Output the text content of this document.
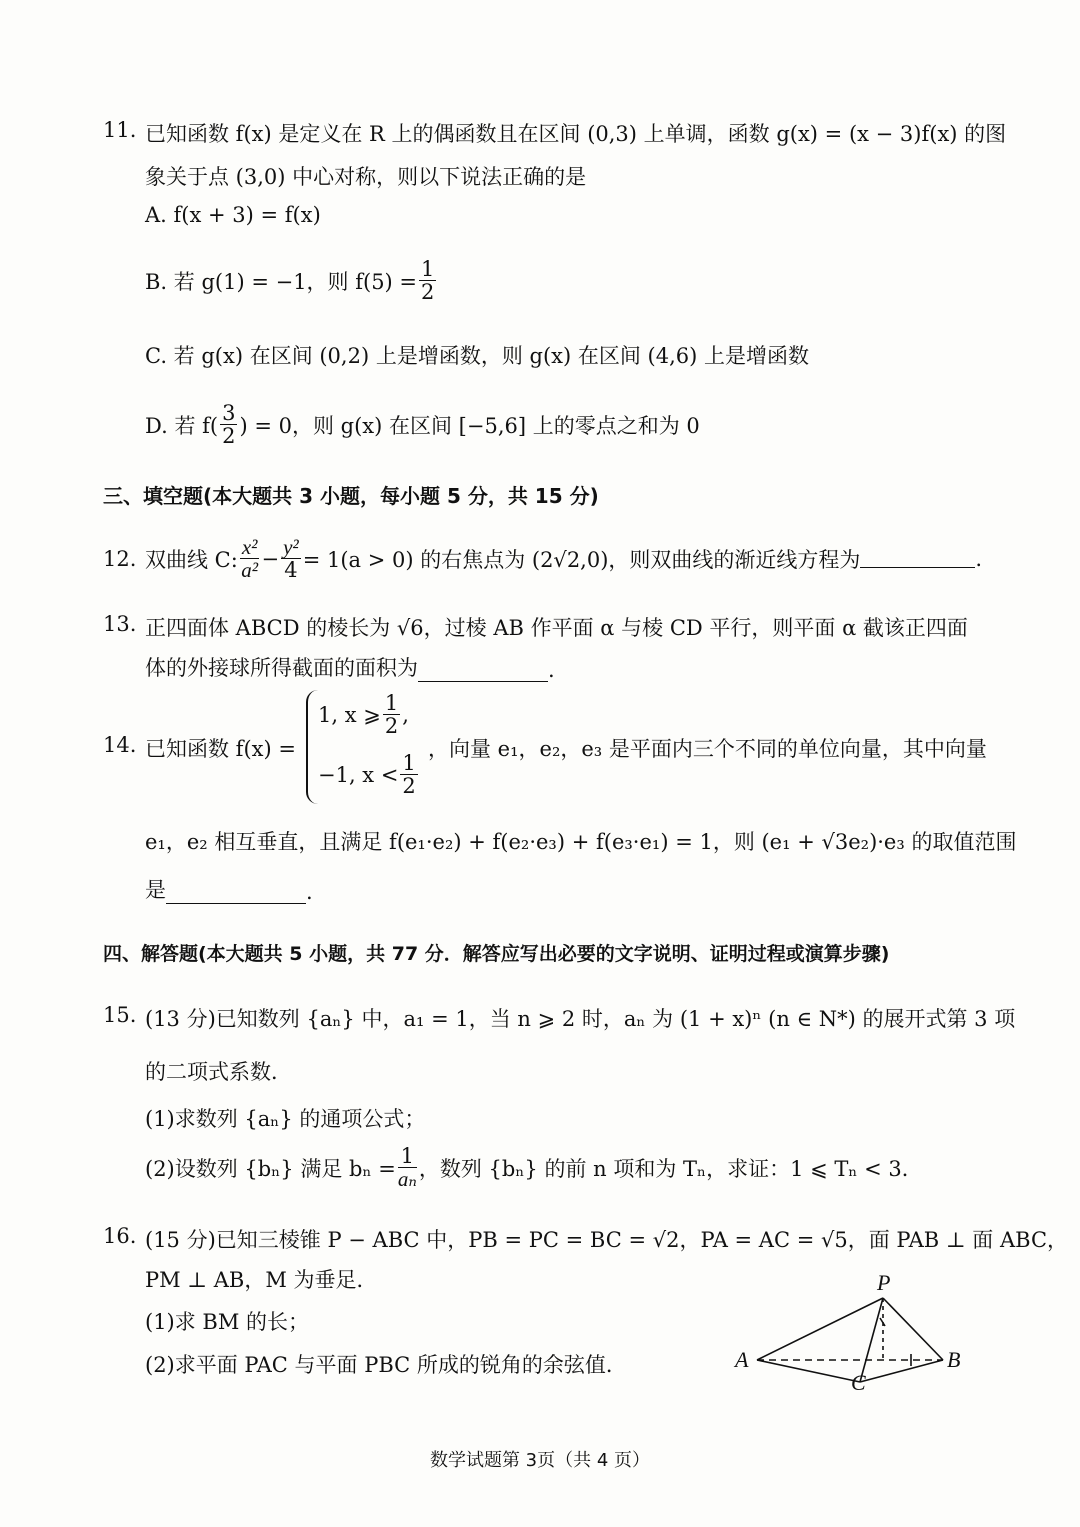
11. 已知函数 f(x) 是定义在 R 上的偶函数且在区间 (0,3) 上单调，函数 g(x) = (x − 3)f(x) 的图
象关于点 (3,0) 中心对称，则以下说法正确的是
A. f(x + 3) = f(x)
B. 若 g(1) = −1，则 $f(5) = \frac{1}{2}$
C. 若 g(x) 在区间 (0,2) 上是增函数，则 g(x) 在区间 (4,6) 上是增函数
D. 若 $f( \frac{3}{2}$ ) = 0，则 g(x) 在区间 [−5,6] 上的零点之和为 0
三、填空题(本大题共 3 小题，每小题 5 分，共 15 分)
12. 双曲线 C: $\frac{\text{x²}}{\text{a²}} - \frac{\text{y²}}{4} = 1(a > 0)$ 的右焦点为 (2√2,0)，则双曲线的渐近线方程为	.
13. 正四面体 ABCD 的棱长为 √6，过棱 AB 作平面 α 与棱 CD 平行，则平面 α 截该正四面
体的外接球所得截面的面积为	.
14. 已知函数 f(x) =
1, x ⩾ $\frac{1}{2}$ ,
−1, $x < \frac{1}{2}$
，向量 e₁，e₂，e₃ 是平面内三个不同的单位向量，其中向量
e₁，e₂ 相互垂直，且满足 f(e₁·e₂) + f(e₂·e₃) + f(e₃·e₁) = 1，则 (e₁ + √3e₂)·e₃ 的取值范围
是	.
四、解答题(本大题共 5 小题，共 77 分．解答应写出必要的文字说明、证明过程或演算步骤)
15. (13 分)已知数列 {aₙ} 中，a₁ = 1，当 n ⩾ 2 时，aₙ 为 (1 + x)ⁿ (n ∈ N*) 的展开式第 3 项
的二项式系数．
(1)求数列 {aₙ} 的通项公式；
(2)设数列 {bₙ} 满足 $b_n = \frac{1}{\text{aₙ}}$ ，数列 {bₙ} 的前 n 项和为 Tₙ，求证：1 ⩽ Tₙ < 3．
16. (15 分)已知三棱锥 P − ABC 中，PB = PC = BC = √2，PA = AC = √5，面 PAB ⊥ 面 ABC，
PM ⊥ AB，M 为垂足．
(1)求 BM 的长；
(2)求平面 PAC 与平面 PBC 所成的锐角的余弦值．
P
A	B
C
数学试题第 3页（共 4 页）
